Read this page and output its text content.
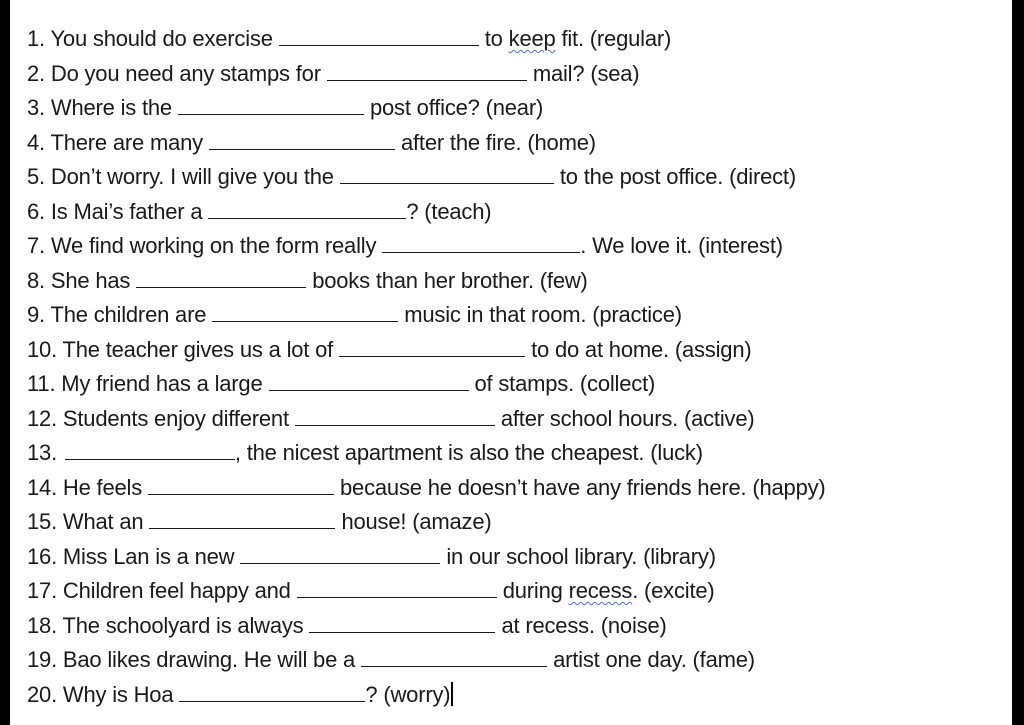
1. You should do exercise	to keep fit. (regular)
2. Do you need any stamps for	mail? (sea)
3. Where is the	post office? (near)
4. There are many	after the fire. (home)
5. Don’t worry. I will give you the	to the post office. (direct)
6. Is Mai’s father a	? (teach)
7. We find working on the form really	. We love it. (interest)
8. She has	books than her brother. (few)
9. The children are	music in that room. (practice)
10. The teacher gives us a lot of	to do at home. (assign)
11. My friend has a large	of stamps. (collect)
12. Students enjoy different	after school hours. (active)
13.	, the nicest apartment is also the cheapest. (luck)
14. He feels	because he doesn’t have any friends here. (happy)
15. What an	house! (amaze)
16. Miss Lan is a new	in our school library. (library)
17. Children feel happy and	during recess. (excite)
18. The schoolyard is always	at recess. (noise)
19. Bao likes drawing. He will be a	artist one day. (fame)
20. Why is Hoa	? (worry)
